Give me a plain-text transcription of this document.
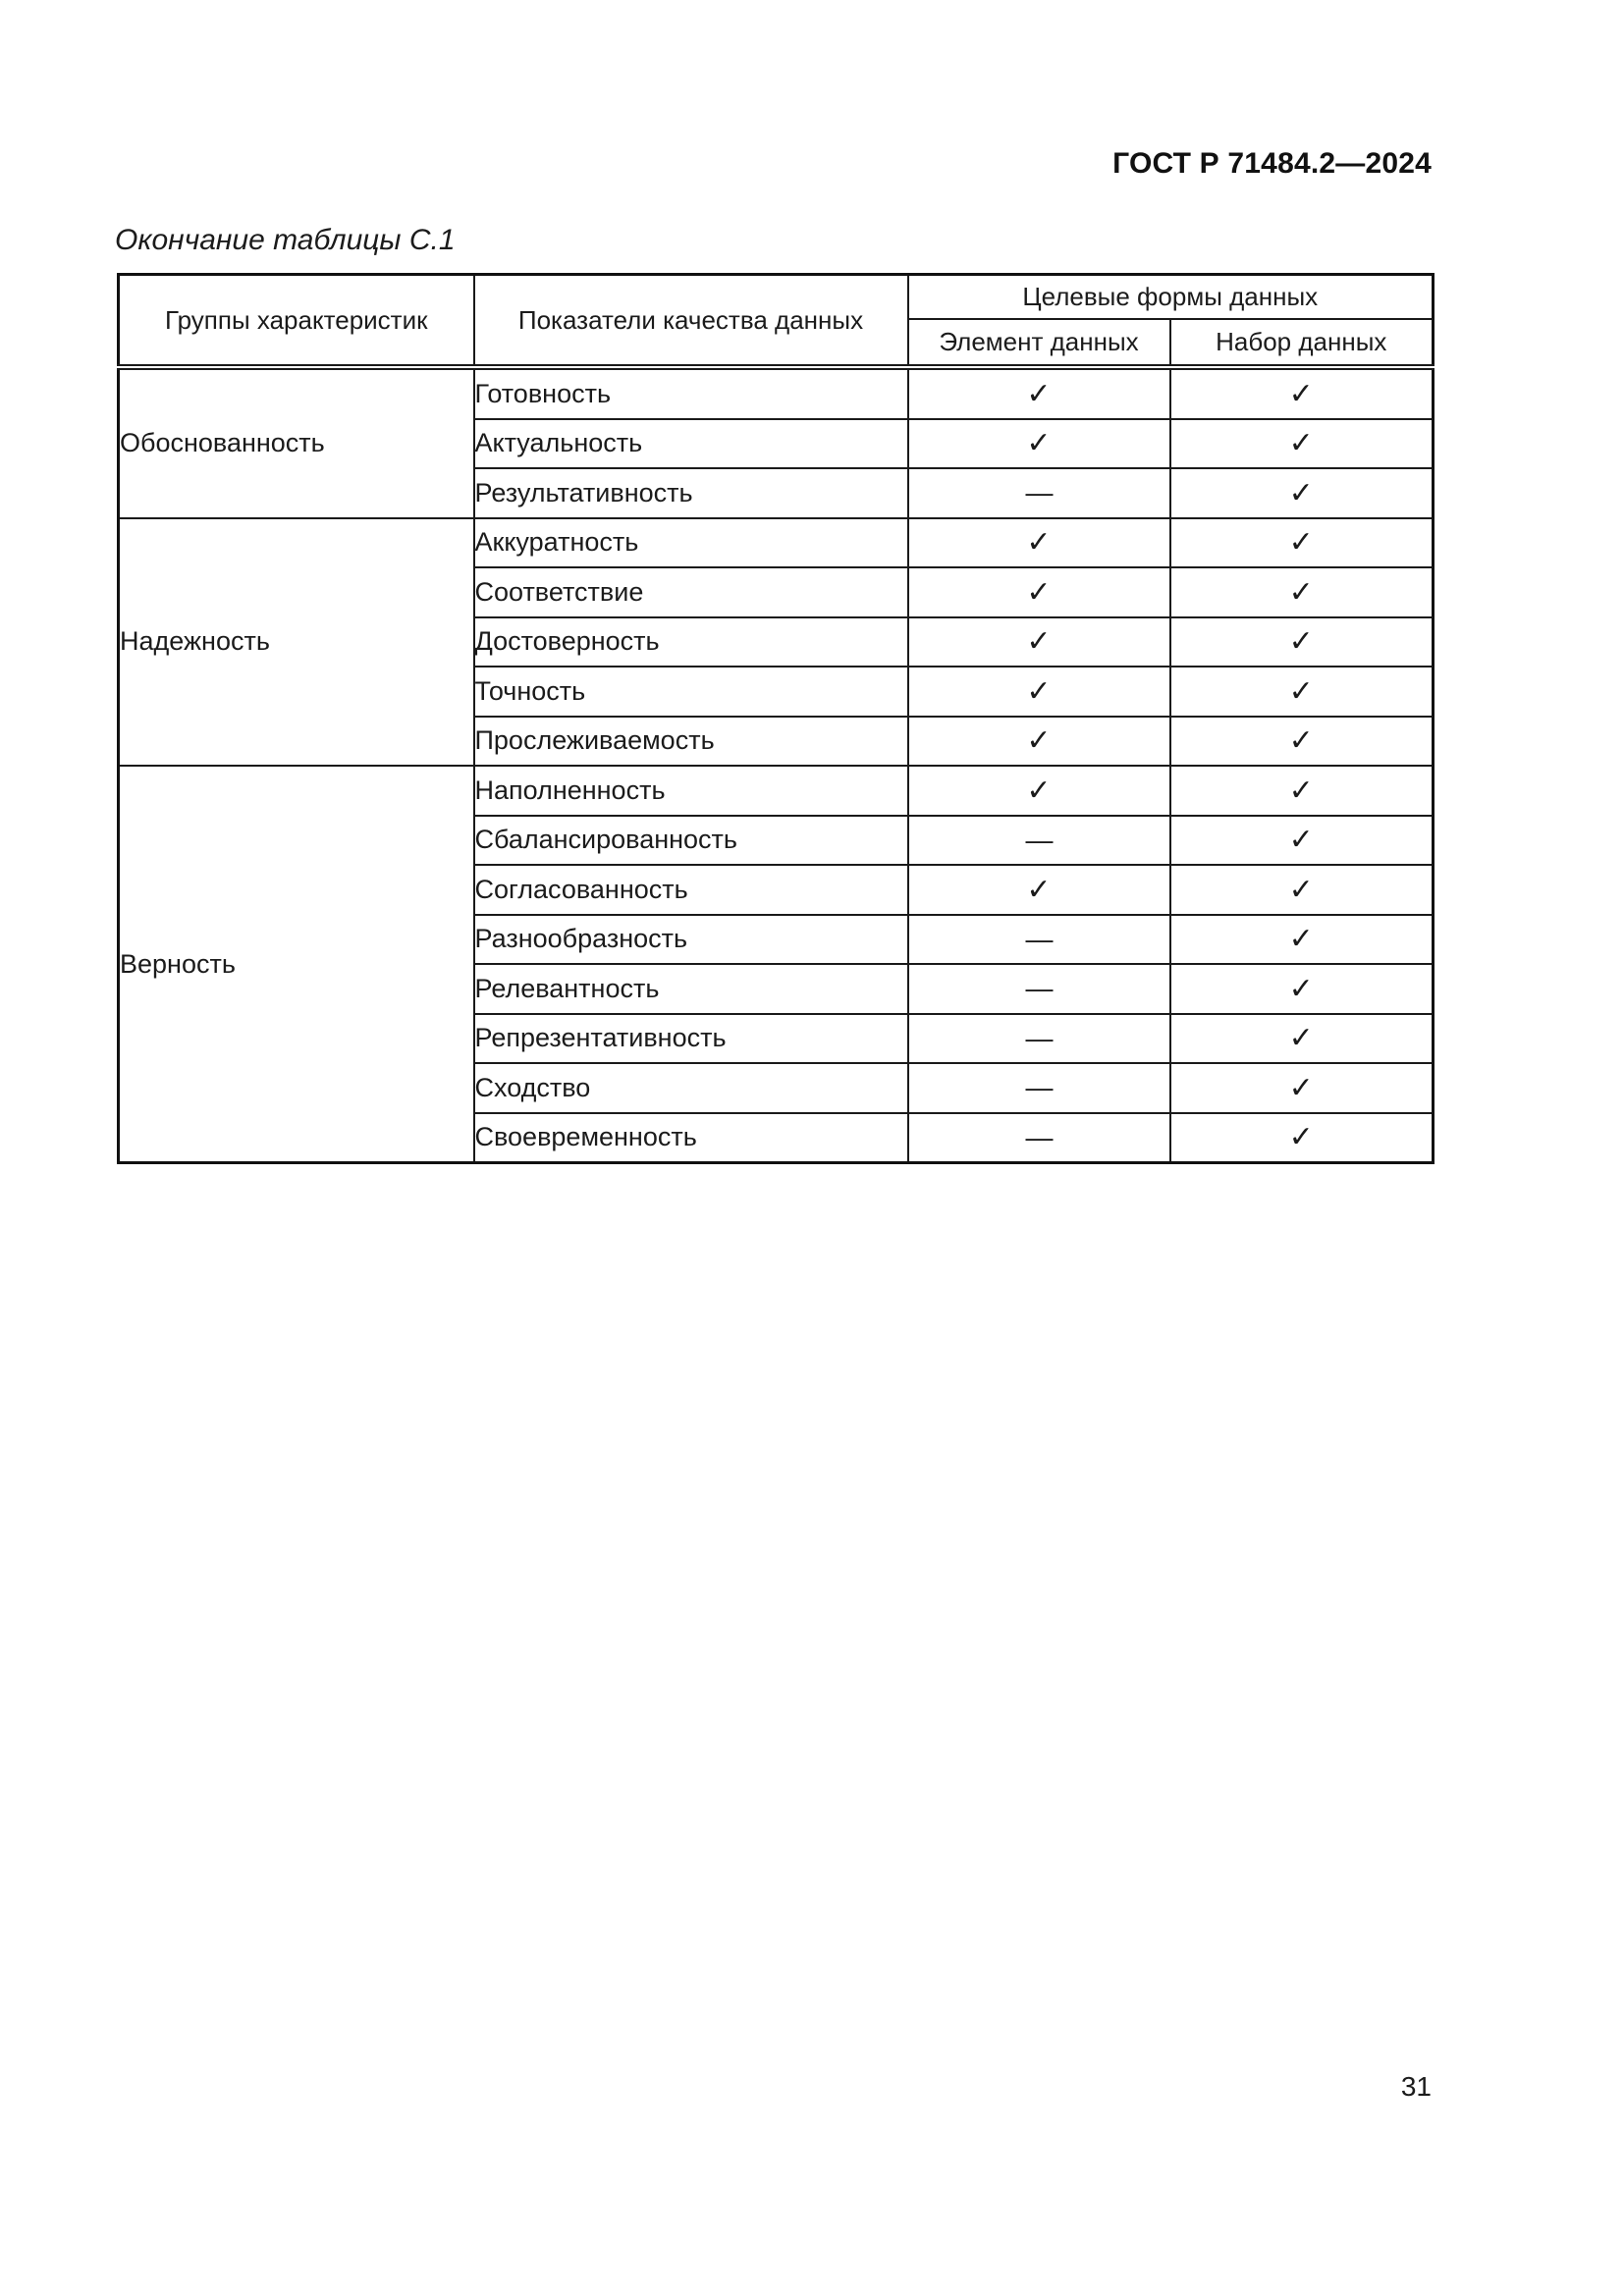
ГОСТ Р 71484.2—2024
Окончание таблицы С.1
Группы характеристик	Показатели качества данных	Целевые формы данных	
		Элемент данных	Набор данных
Обоснованность	Готовность	✓	✓
	Актуальность	✓	✓
	Результативность	—	✓
Надежность	Аккуратность	✓	✓
	Соответствие	✓	✓
	Достоверность	✓	✓
	Точность	✓	✓
	Прослеживаемость	✓	✓
Верность	Наполненность	✓	✓
	Сбалансированность	—	✓
	Согласованность	✓	✓
	Разнообразность	—	✓
	Релевантность	—	✓
	Репрезентативность	—	✓
	Сходство	—	✓
	Своевременность	—	✓
31
